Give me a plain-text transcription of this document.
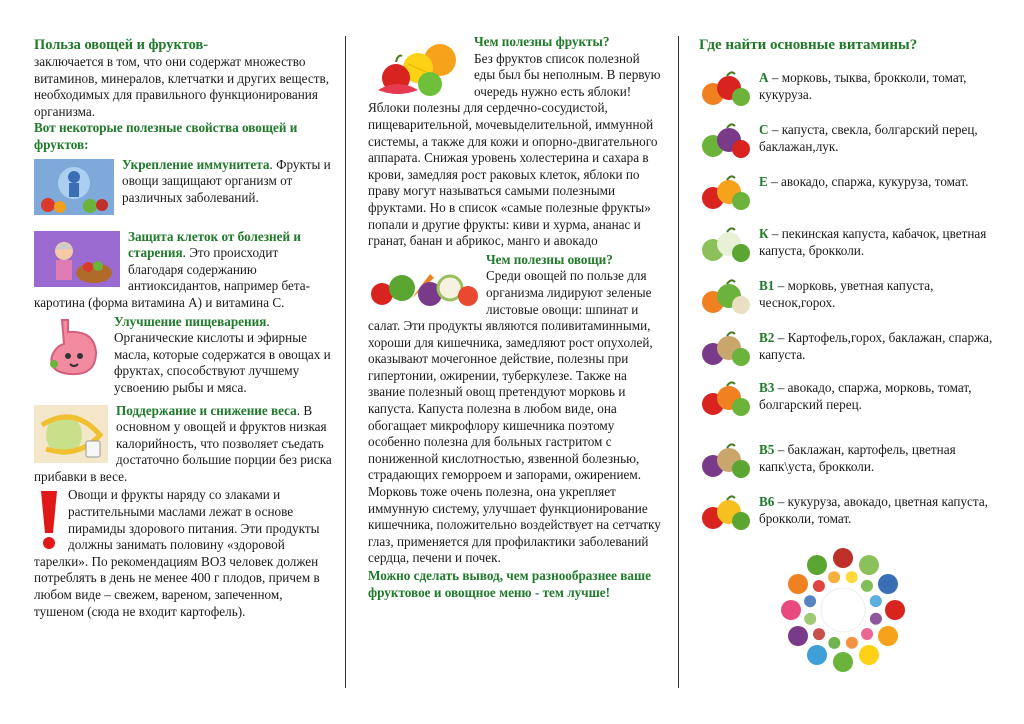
Польза овощей и фруктов-

заключается в том, что они содержат множество витаминов, минералов, клетчатки и других веществ, необходимых для правильного функционирования организма.

Вот некоторые полезные свойства овощей и фруктов:

Укрепление иммунитета. Фрукты и овощи защищают организм от различных заболеваний.

Защита клеток от болезней и старения. Это происходит благодаря содержанию антиоксидантов, например бета-каротина (форма витамина А) и витамина С.

Улучшение пищеварения. Органические кислоты и эфирные масла, которые содержатся в овощах и фруктах, способствуют лучшему усвоению рыбы и мяса.

Поддержание и снижение веса. В основном у овощей и фруктов низкая калорийность, что позволяет съедать достаточно большие порции без риска прибавки в весе.

Овощи и фрукты наряду со злаками и растительными маслами лежат в основе пирамиды здорового питания. Эти продукты должны занимать половину «здоровой тарелки». По рекомендациям ВОЗ человек должен потреблять в день не менее 400 г плодов, причем в любом виде – свежем, вареном, запеченном, тушеном (сюда не входит картофель).

Чем полезны фрукты?
Без фруктов список полезной еды был бы неполным. В первую очередь нужно есть яблоки! Яблоки полезны для сердечно-сосудистой, пищеварительной, мочевыделительной, иммунной системы, а также для кожи и опорно-двигательного аппарата. Снижая уровень холестерина и сахара в крови, замедляя рост раковых клеток, яблоки по праву могут называться самыми полезными фруктами. Но в список «самые полезные фрукты» попали и другие фрукты: киви и хурма, ананас и гранат, банан и абрикос, манго и авокадо

Чем полезны овощи?
Среди овощей по пользе для организма лидируют зеленые листовые овощи: шпинат и салат. Эти продукты являются поливитаминными, хороши для кишечника, замедляют рост опухолей, оказывают мочегонное действие, полезны при гипертонии, ожирении, туберкулезе. Также на звание полезный овощ претендуют морковь и капуста. Капуста полезна в любом виде, она обогащает микрофлору кишечника поэтому особенно полезна для больных гастритом с пониженной кислотностью, язвенной болезнью, страдающих геморроем и запорами, ожирением. Морковь тоже очень полезна, она укрепляет иммунную систему, улучшает функционирование кишечника, положительно воздействует на сетчатку глаз, применяется для профилактики заболеваний сердца, печени и почек.

Можно сделать вывод, чем разнообразнее ваше фруктовое и овощное меню - тем лучше!

Где найти основные витамины?

А – морковь, тыква, брокколи, томат, кукуруза.
С – капуста, свекла, болгарский перец, баклажан,лук.
Е – авокадо, спаржа, кукуруза, томат.
К – пекинская капуста, кабачок, цветная капуста, брокколи.
В1 – морковь, уветная капуста, чеснок,горох.
В2 – Картофель,горох, баклажан, спаржа, капуста.
В3 – авокадо, спаржа, морковь, томат, болгарский перец.
В5 – баклажан, картофель, цветная капк\уста, брокколи.
В6 – кукуруза, авокадо, цветная капуста, брокколи, томат.
